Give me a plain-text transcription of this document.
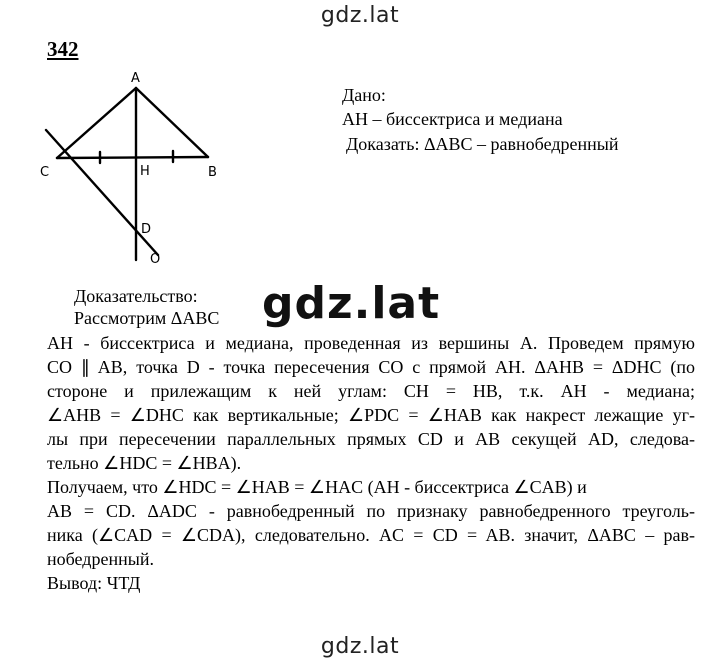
gdz.lat
342
A
C	H	B
D
O
Дано:
AH – биссектриса и медиана
Доказать: ΔABC – равнобедренный
Доказательство:
Рассмотрим ΔABC gdz.lat
AH - биссектриса и медиана, проведенная из вершины A. Проведем прямую
CO ∥ AB, точка D - точка пересечения CO с прямой AH. ΔAHB = ΔDHC (по
стороне и прилежащим к ней углам: CH = HB, т.к. AH - медиана;
∠AHB = ∠DHC как вертикальные; ∠PDC = ∠HAB как накрест лежащие уг-
лы при пересечении параллельных прямых CD и AB секущей AD, следова-
тельно ∠HDC = ∠HBA).
Получаем, что ∠HDC = ∠HAB = ∠HAC (AH - биссектриса ∠CAB) и
AB = CD. ΔADC - равнобедренный по признаку равнобедренного треуголь-
ника (∠CAD = ∠CDA), следовательно. AC = CD = AB. значит, ΔABC – рав-
нобедренный.
Вывод: ЧТД
gdz.lat
